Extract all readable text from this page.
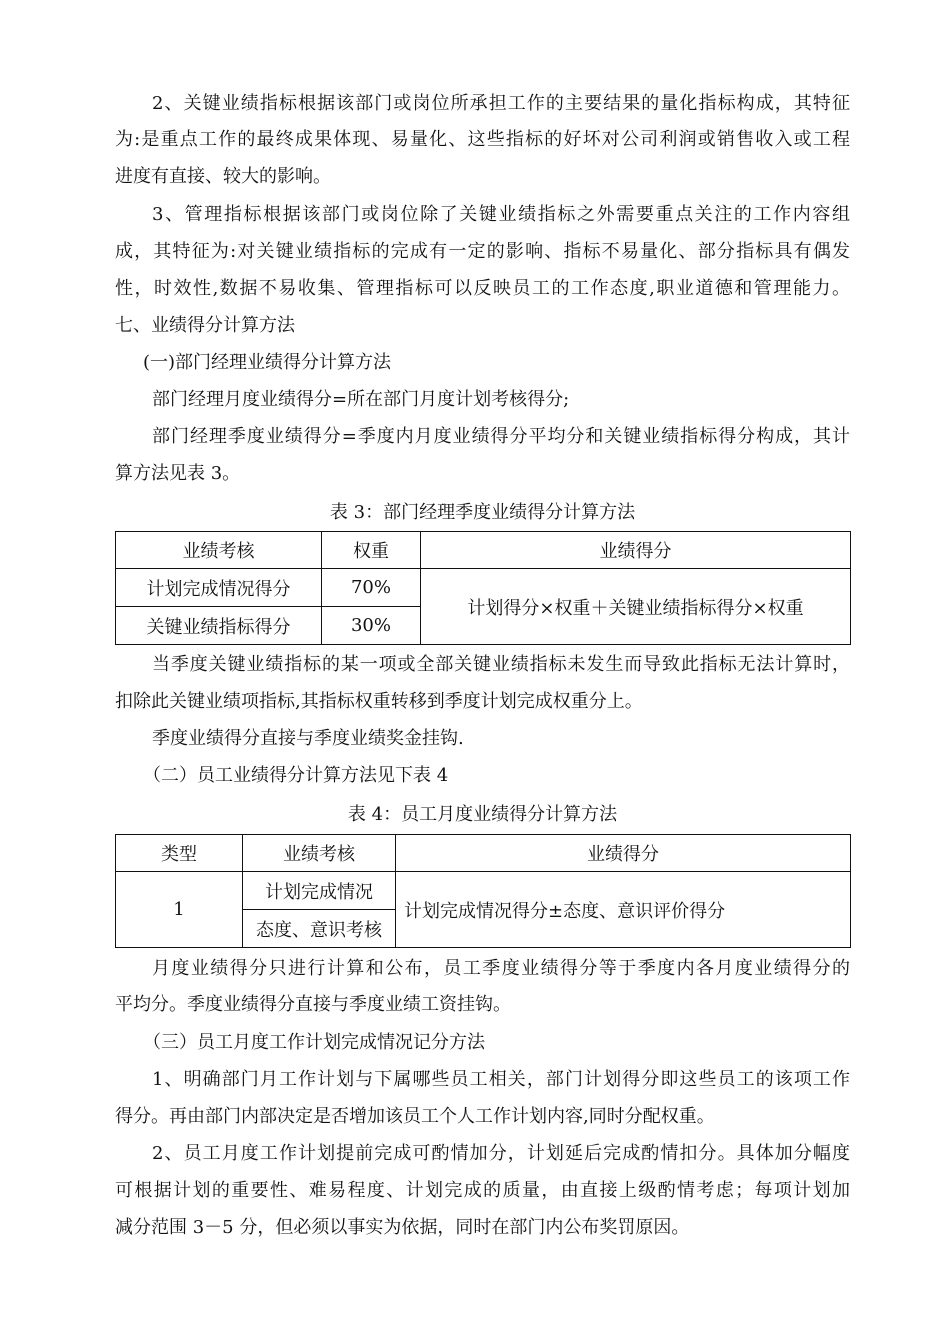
2、关键业绩指标根据该部门或岗位所承担工作的主要结果的量化指标构成，其特征
为:是重点工作的最终成果体现、易量化、这些指标的好坏对公司利润或销售收入或工程
进度有直接、较大的影响。
3、管理指标根据该部门或岗位除了关键业绩指标之外需要重点关注的工作内容组
成，其特征为:对关键业绩指标的完成有一定的影响、指标不易量化、部分指标具有偶发
性，时效性,数据不易收集、管理指标可以反映员工的工作态度,职业道德和管理能力。
七、业绩得分计算方法
(一)部门经理业绩得分计算方法
部门经理月度业绩得分=所在部门月度计划考核得分;
部门经理季度业绩得分=季度内月度业绩得分平均分和关键业绩指标得分构成，其计
算方法见表 3。
表 3：部门经理季度业绩得分计算方法
业绩考核	权重	业绩得分
计划完成情况得分	70%	计划得分×权重＋关键业绩指标得分×权重
关键业绩指标得分	30%	
当季度关键业绩指标的某一项或全部关键业绩指标未发生而导致此指标无法计算时，
扣除此关键业绩项指标,其指标权重转移到季度计划完成权重分上。
季度业绩得分直接与季度业绩奖金挂钩.
（二）员工业绩得分计算方法见下表 4
表 4：员工月度业绩得分计算方法
类型	业绩考核	业绩得分
1	计划完成情况	计划完成情况得分±态度、意识评价得分
	态度、意识考核	
月度业绩得分只进行计算和公布，员工季度业绩得分等于季度内各月度业绩得分的
平均分。季度业绩得分直接与季度业绩工资挂钩。
（三）员工月度工作计划完成情况记分方法
1、明确部门月工作计划与下属哪些员工相关，部门计划得分即这些员工的该项工作
得分。再由部门内部决定是否增加该员工个人工作计划内容,同时分配权重。
2、员工月度工作计划提前完成可酌情加分，计划延后完成酌情扣分。具体加分幅度
可根据计划的重要性、难易程度、计划完成的质量，由直接上级酌情考虑；每项计划加
减分范围 3－5 分，但必须以事实为依据，同时在部门内公布奖罚原因。
